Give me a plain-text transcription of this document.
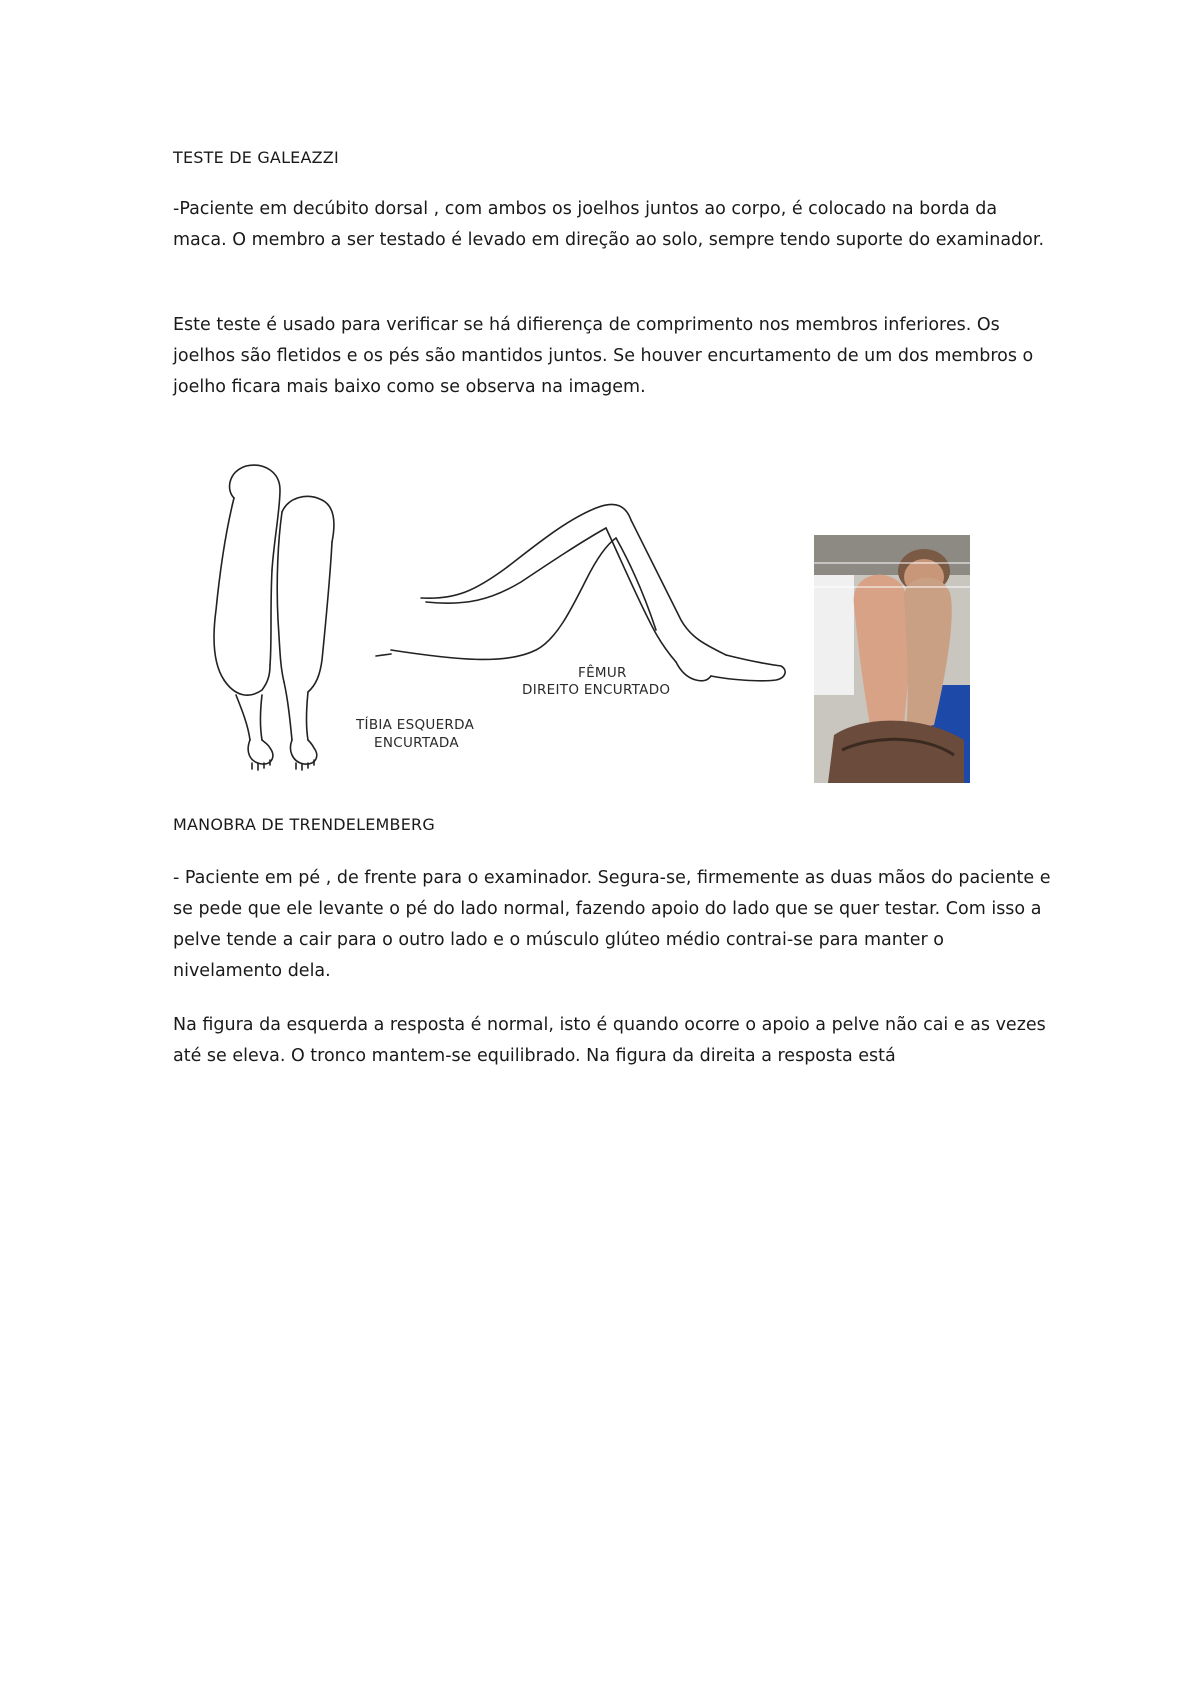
TESTE DE GALEAZZI
-Paciente em decúbito dorsal , com ambos os joelhos juntos ao corpo, é colocado na borda da maca. O membro a ser testado é levado em direção ao solo, sempre tendo suporte do examinador.
Este teste é usado para verificar se há difierença de comprimento nos membros inferiores. Os joelhos são fletidos e os pés são mantidos juntos. Se houver encurtamento de um dos membros o joelho ficara mais baixo como se observa na imagem.
TÍBIA ESQUERDA
ENCURTADA
FÊMUR
DIREITO ENCURTADO
MANOBRA DE TRENDELEMBERG
- Paciente em pé , de frente para o examinador. Segura-se, firmemente as duas mãos do paciente e se pede que ele levante o pé do lado normal, fazendo apoio do lado que se quer testar. Com isso a pelve tende a cair para o outro lado e o músculo glúteo médio contrai-se para manter o nivelamento dela.
Na figura da esquerda a resposta é normal, isto é quando ocorre o apoio a pelve não cai e as vezes até se eleva. O tronco mantem-se equilibrado. Na figura da direita a resposta está
